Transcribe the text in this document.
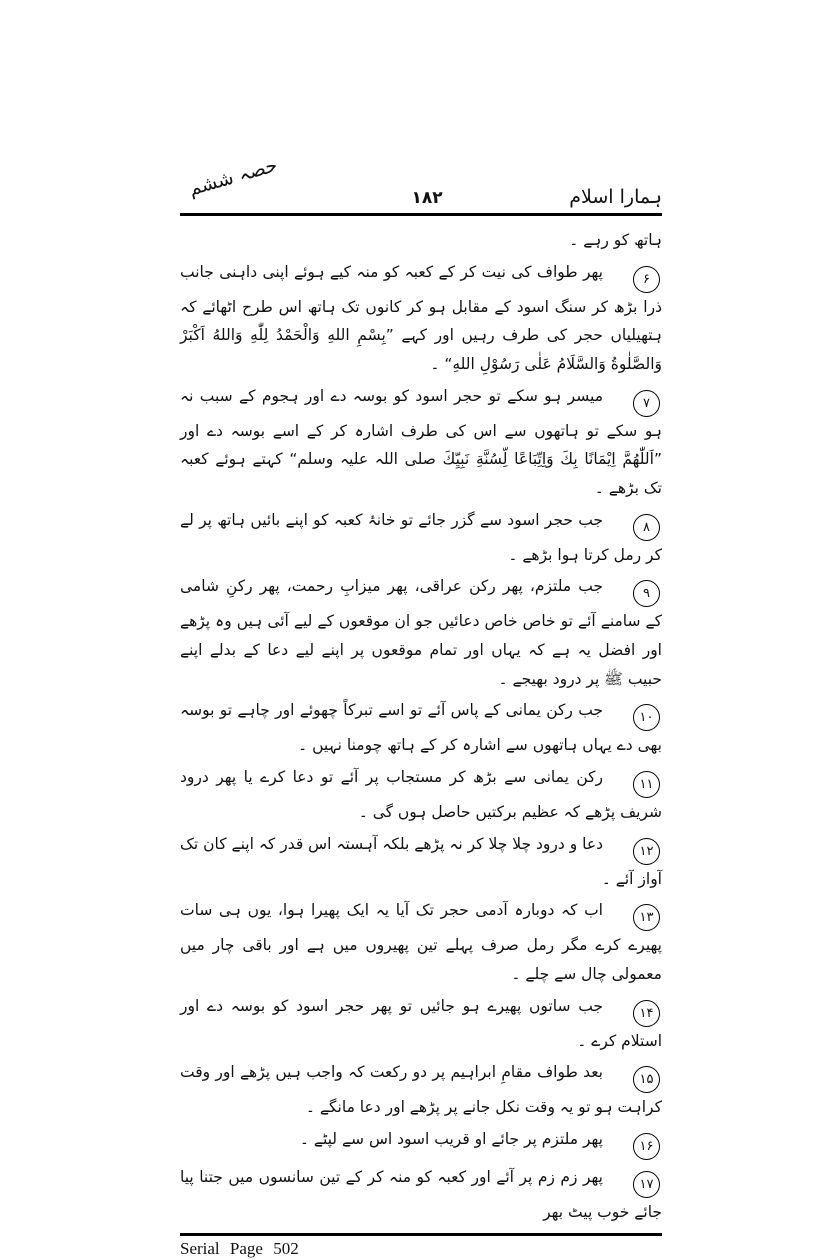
حصہ ششم	۱۸۲	ہمارا اسلام
ہاتھ کو رہے ۔
۶پھر طواف کی نیت کر کے کعبہ کو منہ کیے ہوئے اپنی داہنی جانب ذرا بڑھ کر سنگ اسود کے مقابل ہو کر کانوں تک ہاتھ اس طرح اٹھائے کہ ہتھیلیاں حجر کی طرف رہیں اور کہے ”بِسْمِ اللهِ وَالْحَمْدُ لِلّٰهِ وَاللهُ اَكْبَرْ وَالصَّلٰوةُ وَالسَّلَامُ عَلٰی رَسُوْلِ اللهِ“ ۔
۷میسر ہو سکے تو حجر اسود کو بوسہ دے اور ہجوم کے سبب نہ ہو سکے تو ہاتھوں سے اس کی طرف اشارہ کر کے اسے بوسہ دے اور ”اَللّٰهُمَّ اِیْمَانًا بِكَ وَاِتِّبَاعًا لِّسُنَّةِ نَبِیِّكَ صلی اللہ علیہ وسلم“ کہتے ہوئے کعبہ تک بڑھے ۔
۸جب حجر اسود سے گزر جائے تو خانۂ کعبہ کو اپنے بائیں ہاتھ پر لے کر رمل کرتا ہوا بڑھے ۔
۹جب ملتزم، پھر رکن عراقی، پھر میزابِ رحمت، پھر رکنِ شامی کے سامنے آئے تو خاص خاص دعائیں جو ان موقعوں کے لیے آئی ہیں وہ پڑھے اور افضل یہ ہے کہ یہاں اور تمام موقعوں پر اپنے لیے دعا کے بدلے اپنے حبیب ﷺ پر درود بھیجے ۔
۱۰جب رکن یمانی کے پاس آئے تو اسے تبرکاً چھوئے اور چاہے تو بوسہ بھی دے یہاں ہاتھوں سے اشارہ کر کے ہاتھ چومنا نہیں ۔
۱۱رکن یمانی سے بڑھ کر مستجاب پر آئے تو دعا کرے یا پھر درود شریف پڑھے کہ عظیم برکتیں حاصل ہوں گی ۔
۱۲دعا و درود چلا چلا کر نہ پڑھے بلکہ آہستہ اس قدر کہ اپنے کان تک آواز آئے ۔
۱۳اب کہ دوبارہ آدمی حجر تک آیا یہ ایک پھیرا ہوا، یوں ہی سات پھیرے کرے مگر رمل صرف پہلے تین پھیروں میں ہے اور باقی چار میں معمولی چال سے چلے ۔
۱۴جب ساتوں پھیرے ہو جائیں تو پھر حجر اسود کو بوسہ دے اور استلام کرے ۔
۱۵بعد طواف مقامِ ابراہیم پر دو رکعت کہ واجب ہیں پڑھے اور وقت کراہت ہو تو یہ وقت نکل جانے پر پڑھے اور دعا مانگے ۔
۱۶پھر ملتزم پر جائے او قریب اسود اس سے لپٹے ۔
۱۷پھر زم زم پر آئے اور کعبہ کو منہ کر کے تین سانسوں میں جتنا پیا جائے خوب پیٹ بھر
Serial Page 502
